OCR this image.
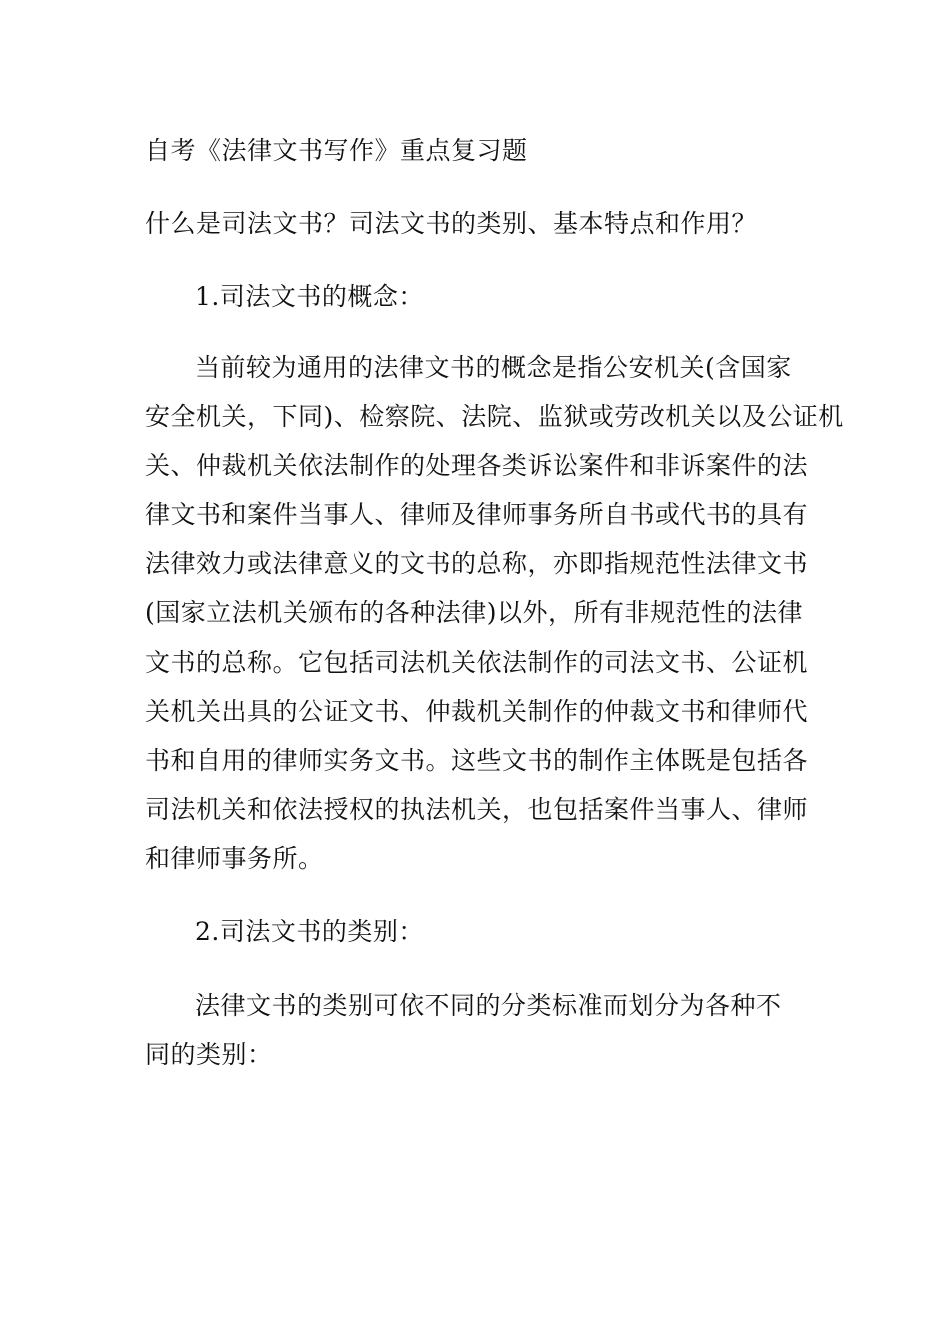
自考《法律文书写作》重点复习题
什么是司法文书？司法文书的类别、基本特点和作用？
1.司法文书的概念：
当前较为通用的法律文书的概念是指公安机关(含国家
安全机关，下同)、检察院、法院、监狱或劳改机关以及公证机
关、仲裁机关依法制作的处理各类诉讼案件和非诉案件的法
律文书和案件当事人、律师及律师事务所自书或代书的具有
法律效力或法律意义的文书的总称，亦即指规范性法律文书
(国家立法机关颁布的各种法律)以外，所有非规范性的法律
文书的总称。它包括司法机关依法制作的司法文书、公证机
关机关出具的公证文书、仲裁机关制作的仲裁文书和律师代
书和自用的律师实务文书。这些文书的制作主体既是包括各
司法机关和依法授权的执法机关，也包括案件当事人、律师
和律师事务所。
2.司法文书的类别：
法律文书的类别可依不同的分类标准而划分为各种不
同的类别：
